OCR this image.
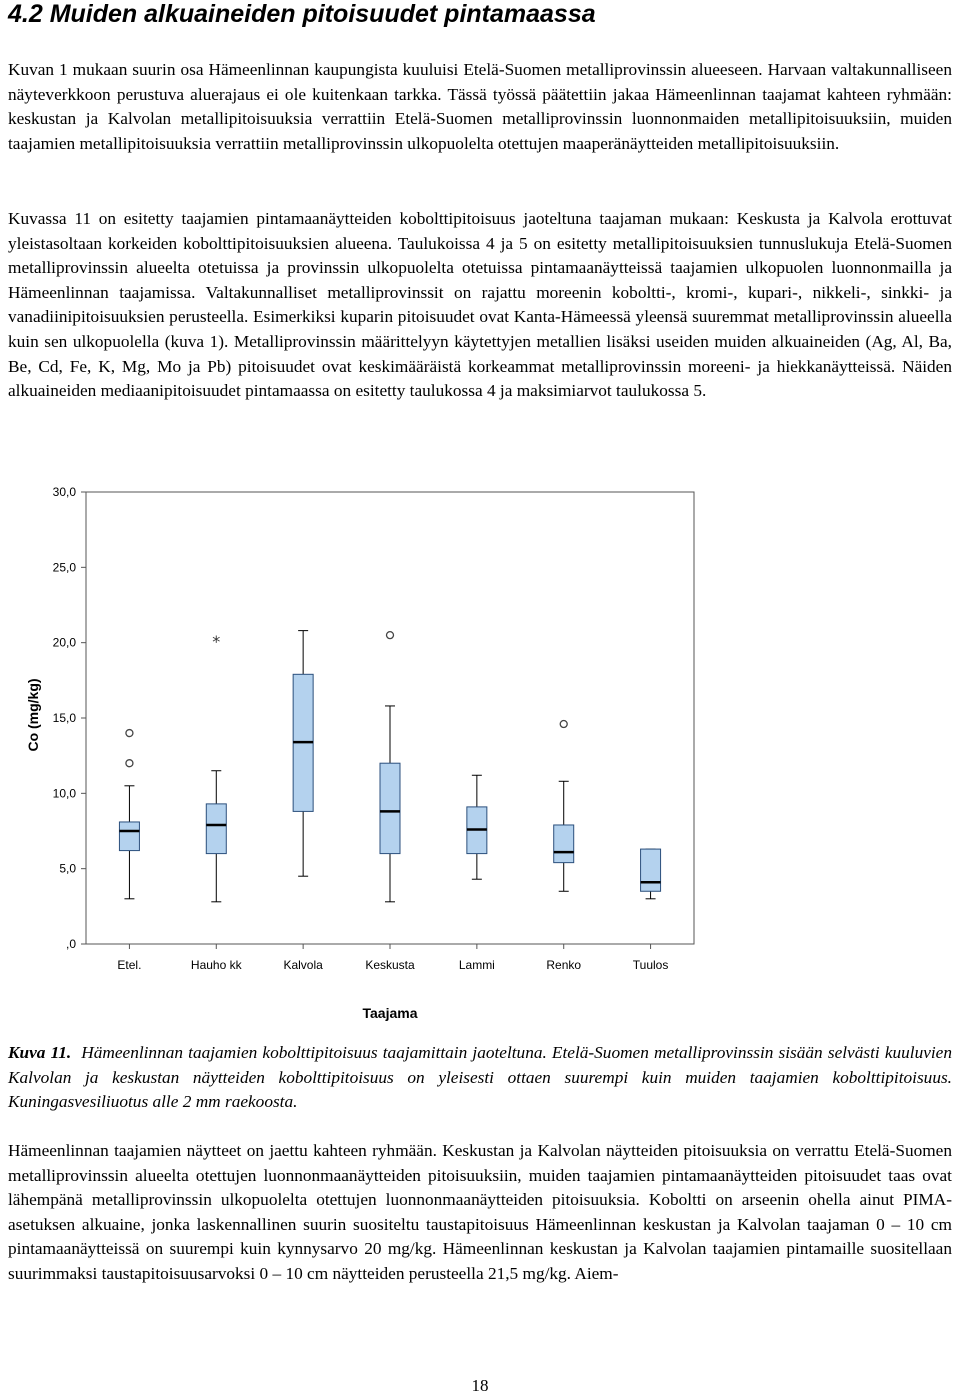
4.2 Muiden alkuaineiden pitoisuudet pintamaassa

Kuvan 1 mukaan suurin osa Hämeenlinnan kaupungista kuuluisi Etelä-Suomen metalliprovinssin alueeseen. Harvaan valtakunnalliseen näyteverkkoon perustuva aluerajaus ei ole kuitenkaan tarkka. Tässä työssä päätettiin jakaa Hämeenlinnan taajamat kahteen ryhmään: keskustan ja Kalvolan metallipitoisuuksia verrattiin Etelä-Suomen metalliprovinssin luonnonmaiden metallipitoisuuksiin, muiden taajamien metallipitoisuuksia verrattiin metalliprovinssin ulkopuolelta otettujen maaperänäytteiden metallipitoisuuksiin.

Kuvassa 11 on esitetty taajamien pintamaanäytteiden kobolttipitoisuus jaoteltuna taajaman mukaan: Keskusta ja Kalvola erottuvat yleistasoltaan korkeiden kobolttipitoisuuksien alueena. Taulukoissa 4 ja 5 on esitetty metallipitoisuuksien tunnuslukuja Etelä-Suomen metalliprovinssin alueelta otetuissa ja provinssin ulkopuolelta otetuissa pintamaanäytteissä taajamien ulkopuolen luonnonmailla ja Hämeenlinnan taajamissa. Valtakunnalliset metalliprovinssit on rajattu moreenin koboltti-, kromi-, kupari-, nikkeli-, sinkki- ja vanadiinipitoisuuksien perusteella. Esimerkiksi kuparin pitoisuudet ovat Kanta-Hämeessä yleensä suuremmat metalliprovinssin alueella kuin sen ulkopuolella (kuva 1). Metalliprovinssin määrittelyyn käytettyjen metallien lisäksi useiden muiden alkuaineiden (Ag, Al, Ba, Be, Cd, Fe, K, Mg, Mo ja Pb) pitoisuudet ovat keskimääräistä korkeammat metalliprovinssin moreeni- ja hiekkanäytteissä. Näiden alkuaineiden mediaanipitoisuudet pintamaassa on esitetty taulukossa 4 ja maksimiarvot taulukossa 5.

,0
5,0
10,0
15,0
20,0
25,0
30,0
Etel.	Hauho kk	Kalvola	Keskusta	Lammi	Renko	Tuulos
*
Co (mg/kg)
Taajama

Kuva 11. Hämeenlinnan taajamien kobolttipitoisuus taajamittain jaoteltuna. Etelä-Suomen metalliprovinssin sisään selvästi kuuluvien Kalvolan ja keskustan näytteiden kobolttipitoisuus on yleisesti ottaen suurempi kuin muiden taajamien kobolttipitoisuus. Kuningasvesiliuotus alle 2 mm raekoosta.

Hämeenlinnan taajamien näytteet on jaettu kahteen ryhmään. Keskustan ja Kalvolan näytteiden pitoisuuksia on verrattu Etelä-Suomen metalliprovinssin alueelta otettujen luonnonmaanäytteiden pitoisuuksiin, muiden taajamien pintamaanäytteiden pitoisuudet taas ovat lähempänä metalliprovinssin ulkopuolelta otettujen luonnonmaanäytteiden pitoisuuksia. Koboltti on arseenin ohella ainut PIMA-asetuksen alkuaine, jonka laskennallinen suurin suositeltu taustapitoisuus Hämeenlinnan keskustan ja Kalvolan taajaman 0 – 10 cm pintamaanäytteissä on suurempi kuin kynnysarvo 20 mg/kg. Hämeenlinnan keskustan ja Kalvolan taajamien pintamaille suositellaan suurimmaksi taustapitoisuusarvoksi 0 – 10 cm näytteiden perusteella 21,5 mg/kg. Aiem-

18
